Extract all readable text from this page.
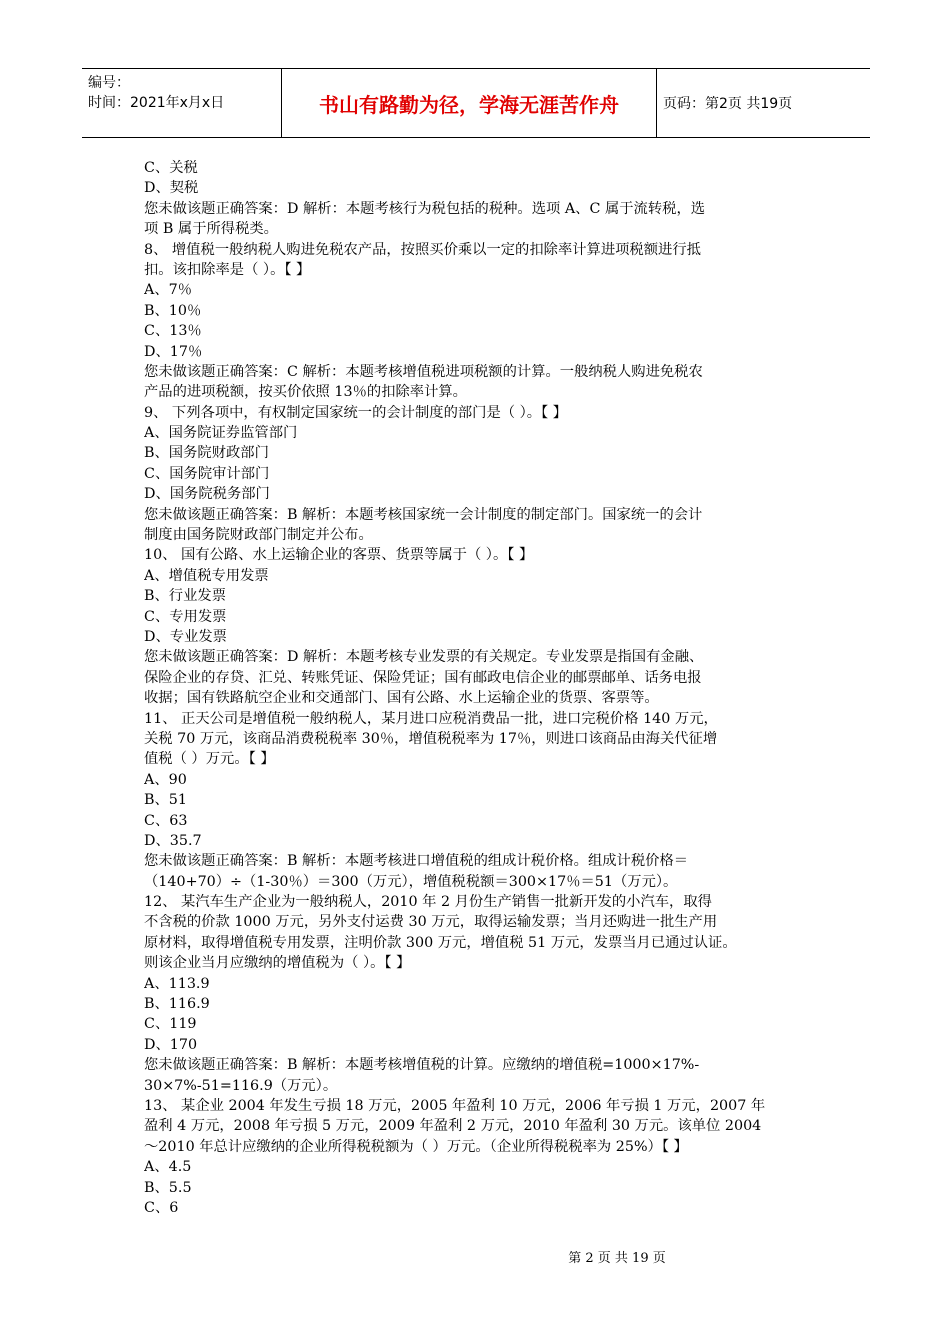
编号：
时间：2021年x月x日	书山有路勤为径，学海无涯苦作舟	页码：第2页 共19页
C、关税
D、契税
您未做该题正确答案：D 解析：本题考核行为税包括的税种。选项 A、C 属于流转税，选
项 B 属于所得税类。
8、 增值税一般纳税人购进免税农产品，按照买价乘以一定的扣除率计算进项税额进行抵
扣。该扣除率是（ ）。【 】
A、7％
B、10％
C、13％
D、17％
您未做该题正确答案：C 解析：本题考核增值税进项税额的计算。一般纳税人购进免税农
产品的进项税额，按买价依照 13％的扣除率计算。
9、 下列各项中，有权制定国家统一的会计制度的部门是（ ）。【 】
A、国务院证券监管部门
B、国务院财政部门
C、国务院审计部门
D、国务院税务部门
您未做该题正确答案：B 解析：本题考核国家统一会计制度的制定部门。国家统一的会计
制度由国务院财政部门制定并公布。
10、 国有公路、水上运输企业的客票、货票等属于（ ）。【 】
A、增值税专用发票
B、行业发票
C、专用发票
D、专业发票
您未做该题正确答案：D 解析：本题考核专业发票的有关规定。专业发票是指国有金融、
保险企业的存贷、汇兑、转账凭证、保险凭证；国有邮政电信企业的邮票邮单、话务电报
收据；国有铁路航空企业和交通部门、国有公路、水上运输企业的货票、客票等。
11、 正天公司是增值税一般纳税人，某月进口应税消费品一批，进口完税价格 140 万元，
关税 70 万元，该商品消费税税率 30％，增值税税率为 17％，则进口该商品由海关代征增
值税（ ）万元。【 】
A、90
B、51
C、63
D、35.7
您未做该题正确答案：B 解析：本题考核进口增值税的组成计税价格。组成计税价格＝
（140+70）÷（1-30％）＝300（万元），增值税税额＝300×17％＝51（万元）。
12、 某汽车生产企业为一般纳税人，2010 年 2 月份生产销售一批新开发的小汽车，取得
不含税的价款 1000 万元，另外支付运费 30 万元，取得运输发票；当月还购进一批生产用
原材料，取得增值税专用发票，注明价款 300 万元，增值税 51 万元，发票当月已通过认证。
则该企业当月应缴纳的增值税为（ ）。【 】
A、113.9
B、116.9
C、119
D、170
您未做该题正确答案：B 解析：本题考核增值税的计算。应缴纳的增值税=1000×17%-
30×7%-51=116.9（万元）。
13、 某企业 2004 年发生亏损 18 万元，2005 年盈利 10 万元，2006 年亏损 1 万元，2007 年
盈利 4 万元，2008 年亏损 5 万元，2009 年盈利 2 万元，2010 年盈利 30 万元。该单位 2004
～2010 年总计应缴纳的企业所得税税额为（ ）万元。（企业所得税税率为 25%）【 】
A、4.5
B、5.5
C、6
第 2 页 共 19 页
